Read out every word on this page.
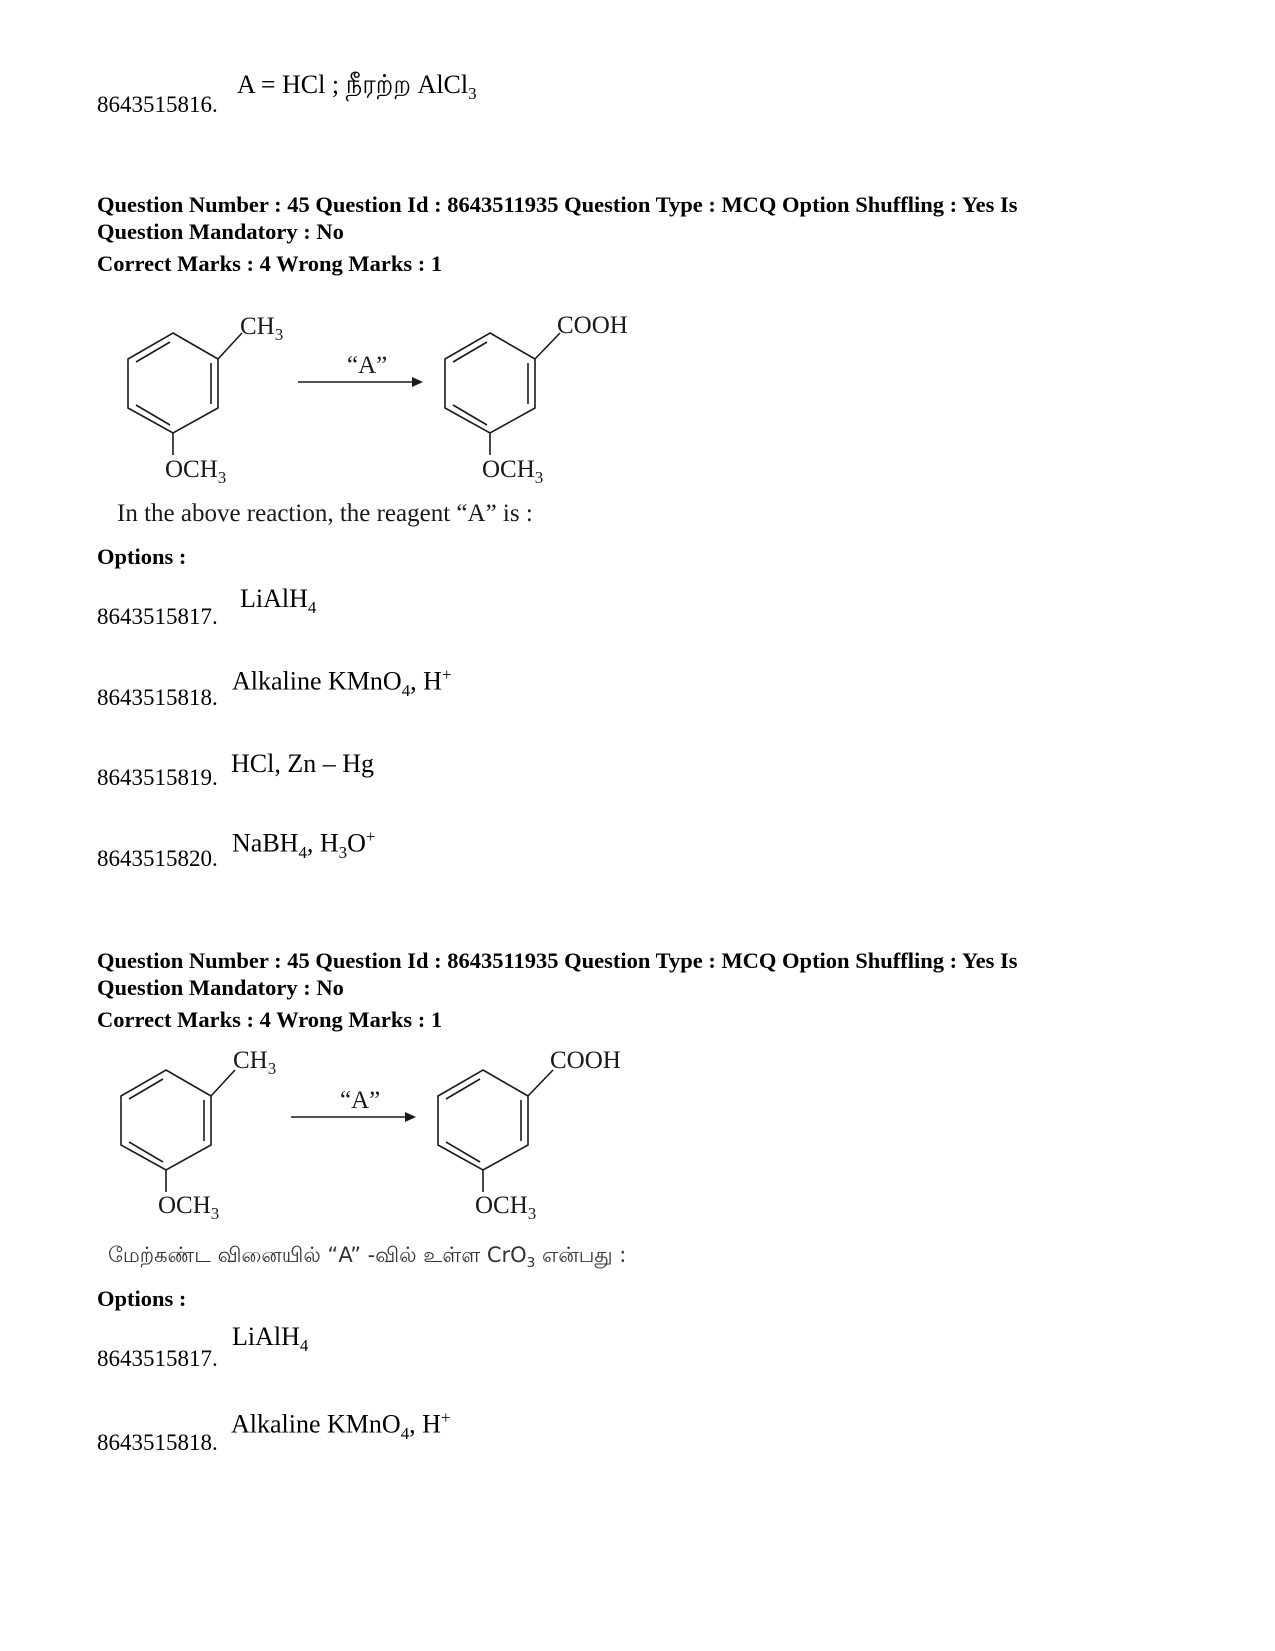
8643515816.
A = HCl ; நீரற்ற AlCl$_3$
Question Number : 45 Question Id : 8643511935 Question Type : MCQ Option Shuffling : Yes Is
Question Mandatory : No
Correct Marks : 4 Wrong Marks : 1
$CH_3$
$OCH_3$
“A”
COOH
$OCH_3$
In the above reaction, the reagent “A” is :
Options :
8643515817.
LiAlH$_4$
8643515818.
Alkaline KMnO$_4$, H+
8643515819. HCl, Zn – Hg
8643515820.
NaBH$_4$, $H_3O^+$
Question Number : 45 Question Id : 8643511935 Question Type : MCQ Option Shuffling : Yes Is
Question Mandatory : No
Correct Marks : 4 Wrong Marks : 1
$CH_3$
$OCH_3$
“A”
COOH
$OCH_3$
மேற்கண்ட வினையில் “A” -வில் உள்ள CrO$_3$ என்பது :
Options :
8643515817.
LiAlH$_4$
8643515818.
Alkaline KMnO$_4$, H+
